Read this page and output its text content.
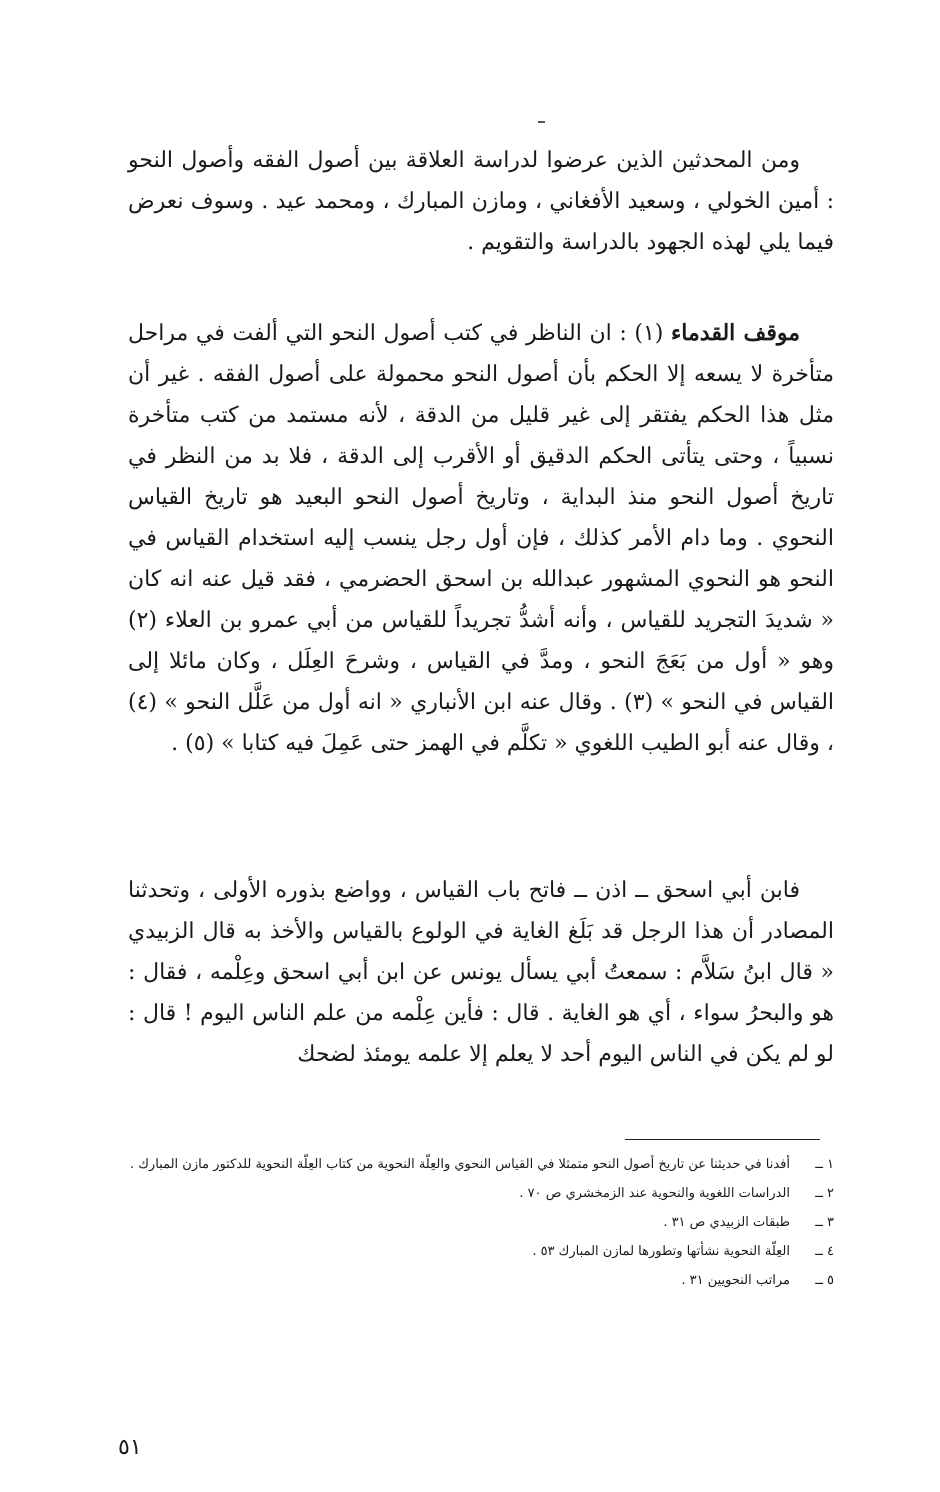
ومن المحدثين الذين عرضوا لدراسة العلاقة بين أصول الفقه وأصول النحو : أمين الخولي ، وسعيد الأفغاني ، ومازن المبارك ، ومحمد عيد . وسوف نعرض فيما يلي لهذه الجهود بالدراسة والتقويم .

موقف القدماء (١) : ان الناظر في كتب أصول النحو التي ألفت في مراحل متأخرة لا يسعه إلا الحكم بأن أصول النحو محمولة على أصول الفقه . غير أن مثل هذا الحكم يفتقر إلى غير قليل من الدقة ، لأنه مستمد من كتب متأخرة نسبياً ، وحتى يتأتى الحكم الدقيق أو الأقرب إلى الدقة ، فلا بد من النظر في تاريخ أصول النحو منذ البداية ، وتاريخ أصول النحو البعيد هو تاريخ القياس النحوي . وما دام الأمر كذلك ، فإن أول رجل ينسب إليه استخدام القياس في النحو هو النحوي المشهور عبدالله بن اسحق الحضرمي ، فقد قيل عنه انه كان « شديدَ التجريد للقياس ، وأنه أشدُّ تجريداً للقياس من أبي عمرو بن العلاء (٢) وهو « أول من بَعَجَ النحو ، ومدَّ في القياس ، وشرحَ العِلَل ، وكان مائلا إلى القياس في النحو » (٣) . وقال عنه ابن الأنباري « انه أول من عَلَّل النحو » (٤) ، وقال عنه أبو الطيب اللغوي « تكلَّم في الهمز حتى عَمِلَ فيه كتابا » (٥) .

فابن أبي اسحق ــ اذن ــ فاتح باب القياس ، وواضع بذوره الأولى ، وتحدثنا المصادر أن هذا الرجل قد بَلَغ الغاية في الولوع بالقياس والأخذ به قال الزبيدي « قال ابنُ سَلاَّم : سمعتُ أبي يسأل يونس عن ابن أبي اسحق وعِلْمه ، فقال : هو والبحرُ سواء ، أي هو الغاية . قال : فأين عِلْمه من علم الناس اليوم ! قال : لو لم يكن في الناس اليوم أحد لا يعلم إلا علمه يومئذ لضحك

١ ــ
أفدنا في حديثنا عن تاريخ أصول النحو متمثلا في القياس النحوي والعِلّة النحوية من كتاب العِلّة النحوية للدكتور مازن المبارك .
٢ ــ
الدراسات اللغوية والنحوية عند الزمخشري ص ٧٠ .
٣ ــ
طبقات الزبيدي ص ٣١ .
٤ ــ
العِلّة النحوية نشأتها وتطورها لمازن المبارك ٥٣ .
٥ ــ
مراتب النحويين ٣١ .
٥١
